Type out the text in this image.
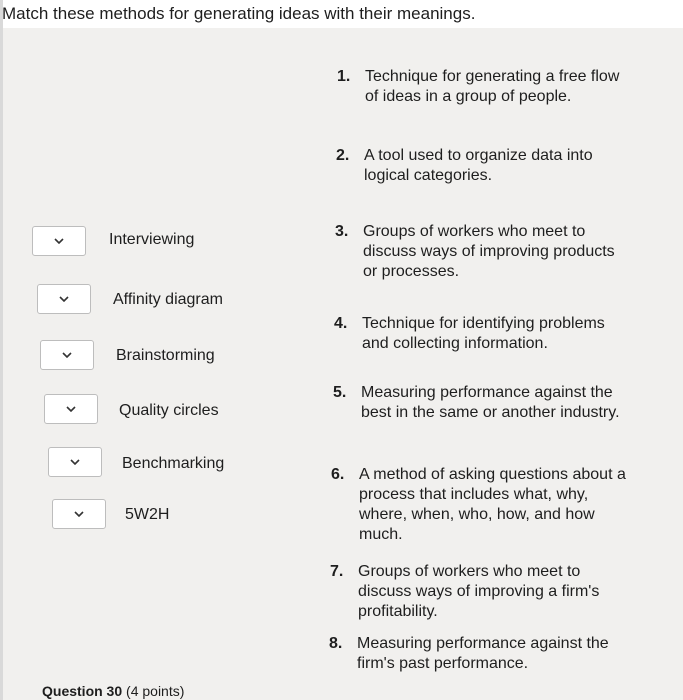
Match these methods for generating ideas with their meanings.
Interviewing
Affinity diagram
Brainstorming
Quality circles
Benchmarking
5W2H
1. Technique for generating a free flow of ideas in a group of people.
2. A tool used to organize data into logical categories.
3. Groups of workers who meet to discuss ways of improving products or processes.
4. Technique for identifying problems and collecting information.
5. Measuring performance against the best in the same or another industry.
6. A method of asking questions about a process that includes what, why, where, when, who, how, and how much.
7. Groups of workers who meet to discuss ways of improving a firm's profitability.
8. Measuring performance against the firm's past performance.
Question 30 (4 points)
